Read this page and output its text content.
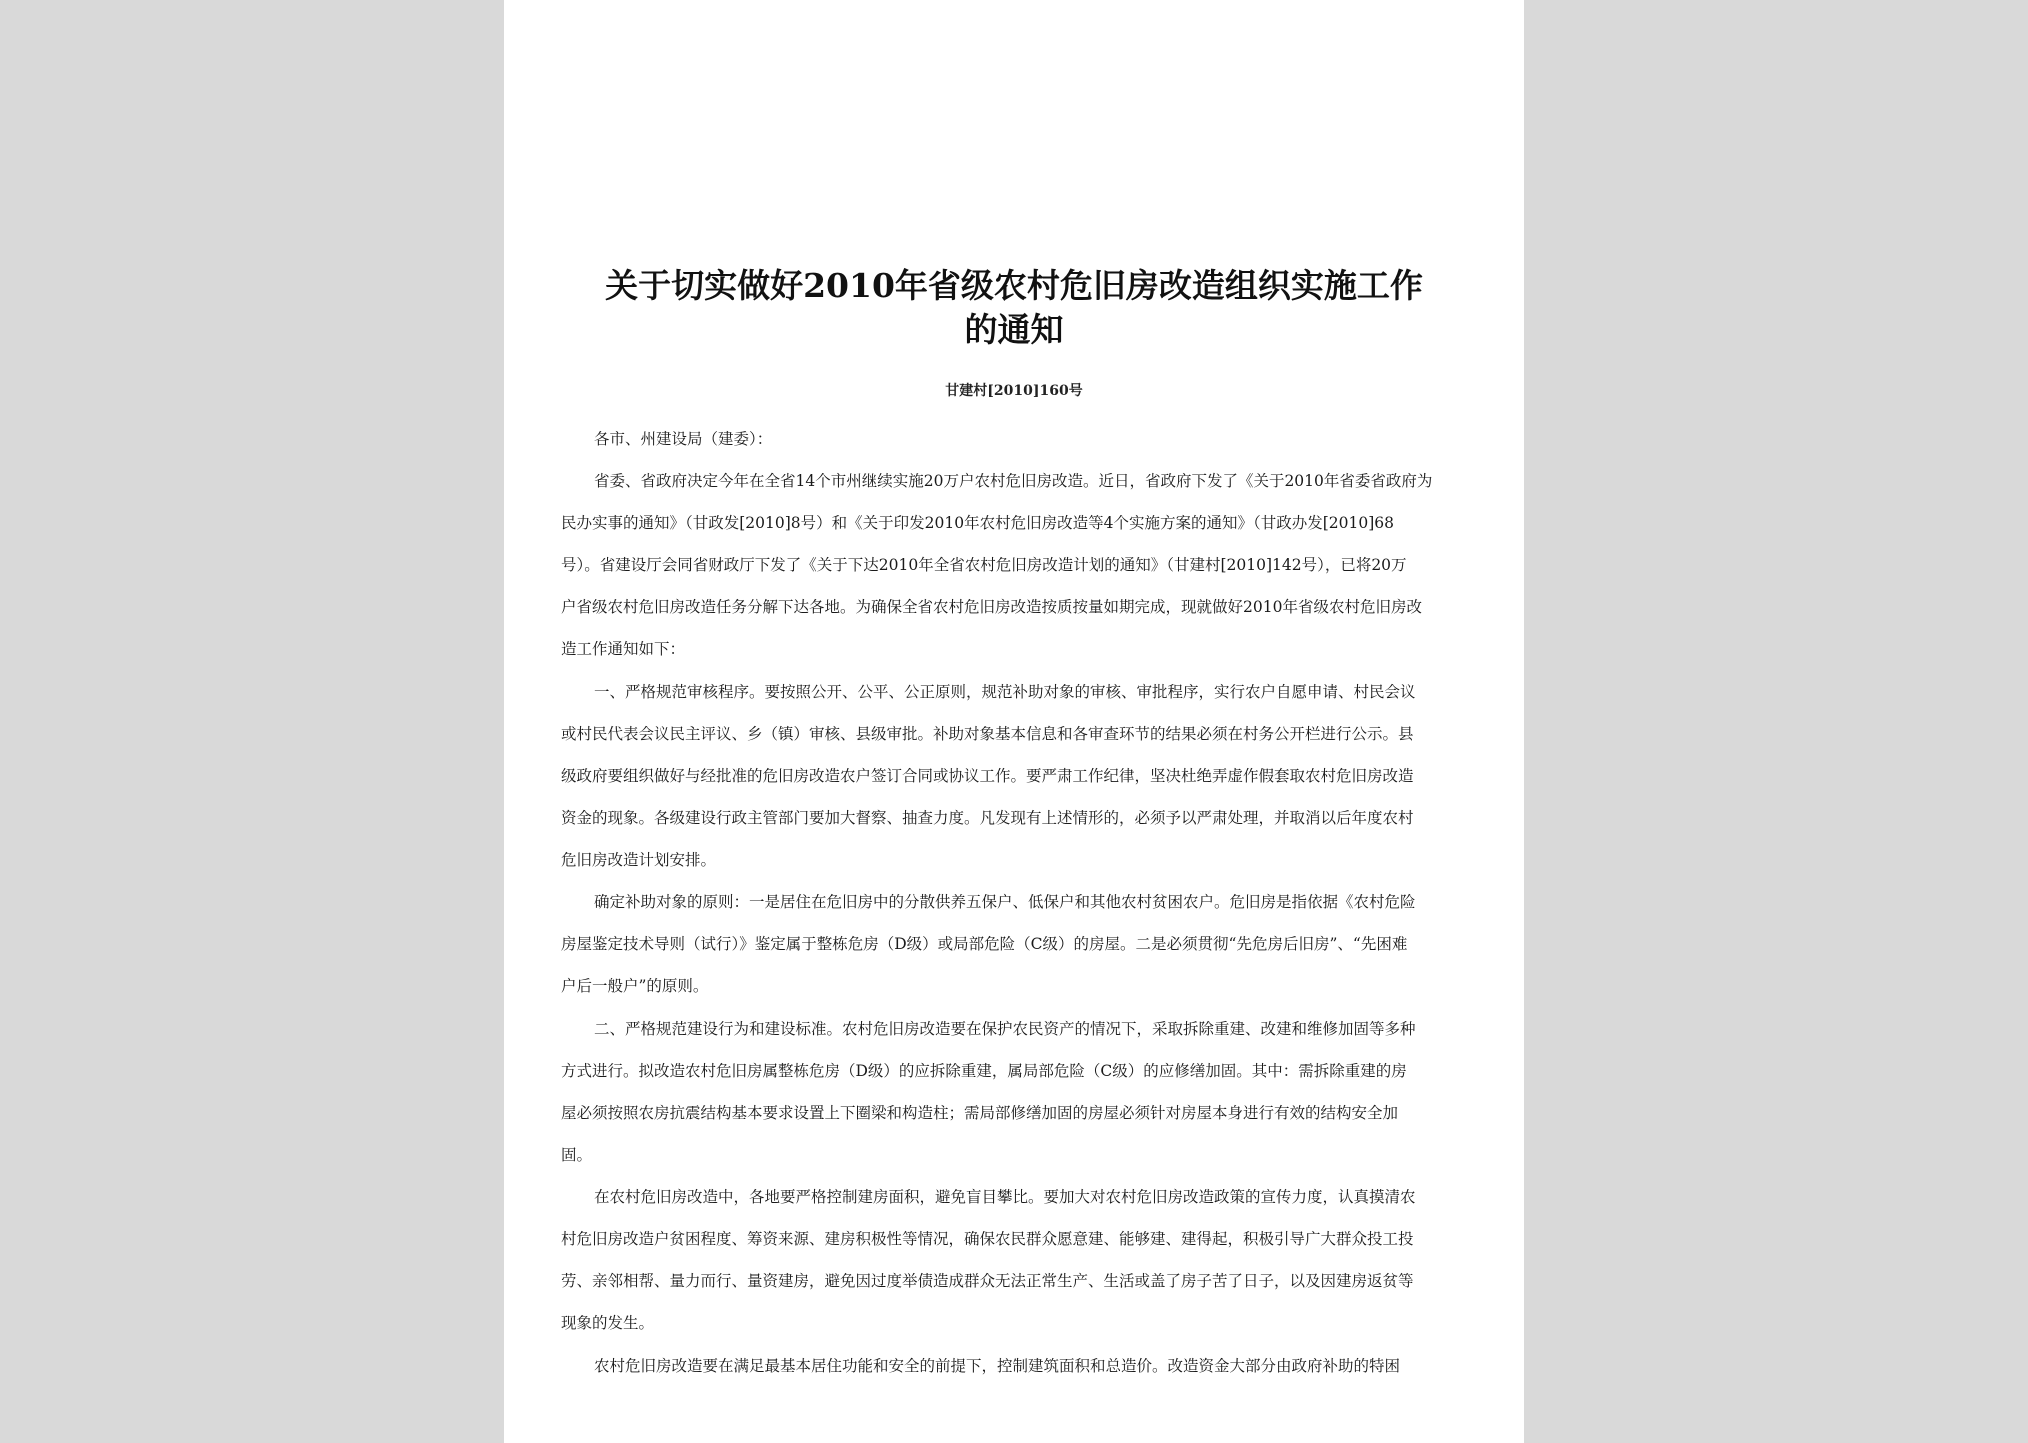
关于切实做好2010年省级农村危旧房改造组织实施工作
的通知
甘建村[2010]160号
各市、州建设局（建委）：
省委、省政府决定今年在全省14个市州继续实施20万户农村危旧房改造。近日，省政府下发了《关于2010年省委省政府为
民办实事的通知》（甘政发[2010]8号）和《关于印发2010年农村危旧房改造等4个实施方案的通知》（甘政办发[2010]68
号）。省建设厅会同省财政厅下发了《关于下达2010年全省农村危旧房改造计划的通知》（甘建村[2010]142号），已将20万
户省级农村危旧房改造任务分解下达各地。为确保全省农村危旧房改造按质按量如期完成，现就做好2010年省级农村危旧房改
造工作通知如下：
一、严格规范审核程序。要按照公开、公平、公正原则，规范补助对象的审核、审批程序，实行农户自愿申请、村民会议
或村民代表会议民主评议、乡（镇）审核、县级审批。补助对象基本信息和各审查环节的结果必须在村务公开栏进行公示。县
级政府要组织做好与经批准的危旧房改造农户签订合同或协议工作。要严肃工作纪律，坚决杜绝弄虚作假套取农村危旧房改造
资金的现象。各级建设行政主管部门要加大督察、抽查力度。凡发现有上述情形的，必须予以严肃处理，并取消以后年度农村
危旧房改造计划安排。
确定补助对象的原则：一是居住在危旧房中的分散供养五保户、低保户和其他农村贫困农户。危旧房是指依据《农村危险
房屋鉴定技术导则（试行）》鉴定属于整栋危房（D级）或局部危险（C级）的房屋。二是必须贯彻“先危房后旧房”、“先困难
户后一般户”的原则。
二、严格规范建设行为和建设标准。农村危旧房改造要在保护农民资产的情况下，采取拆除重建、改建和维修加固等多种
方式进行。拟改造农村危旧房属整栋危房（D级）的应拆除重建，属局部危险（C级）的应修缮加固。其中：需拆除重建的房
屋必须按照农房抗震结构基本要求设置上下圈梁和构造柱；需局部修缮加固的房屋必须针对房屋本身进行有效的结构安全加
固。
在农村危旧房改造中，各地要严格控制建房面积，避免盲目攀比。要加大对农村危旧房改造政策的宣传力度，认真摸清农
村危旧房改造户贫困程度、筹资来源、建房积极性等情况，确保农民群众愿意建、能够建、建得起，积极引导广大群众投工投
劳、亲邻相帮、量力而行、量资建房，避免因过度举债造成群众无法正常生产、生活或盖了房子苦了日子，以及因建房返贫等
现象的发生。
农村危旧房改造要在满足最基本居住功能和安全的前提下，控制建筑面积和总造价。改造资金大部分由政府补助的特困
